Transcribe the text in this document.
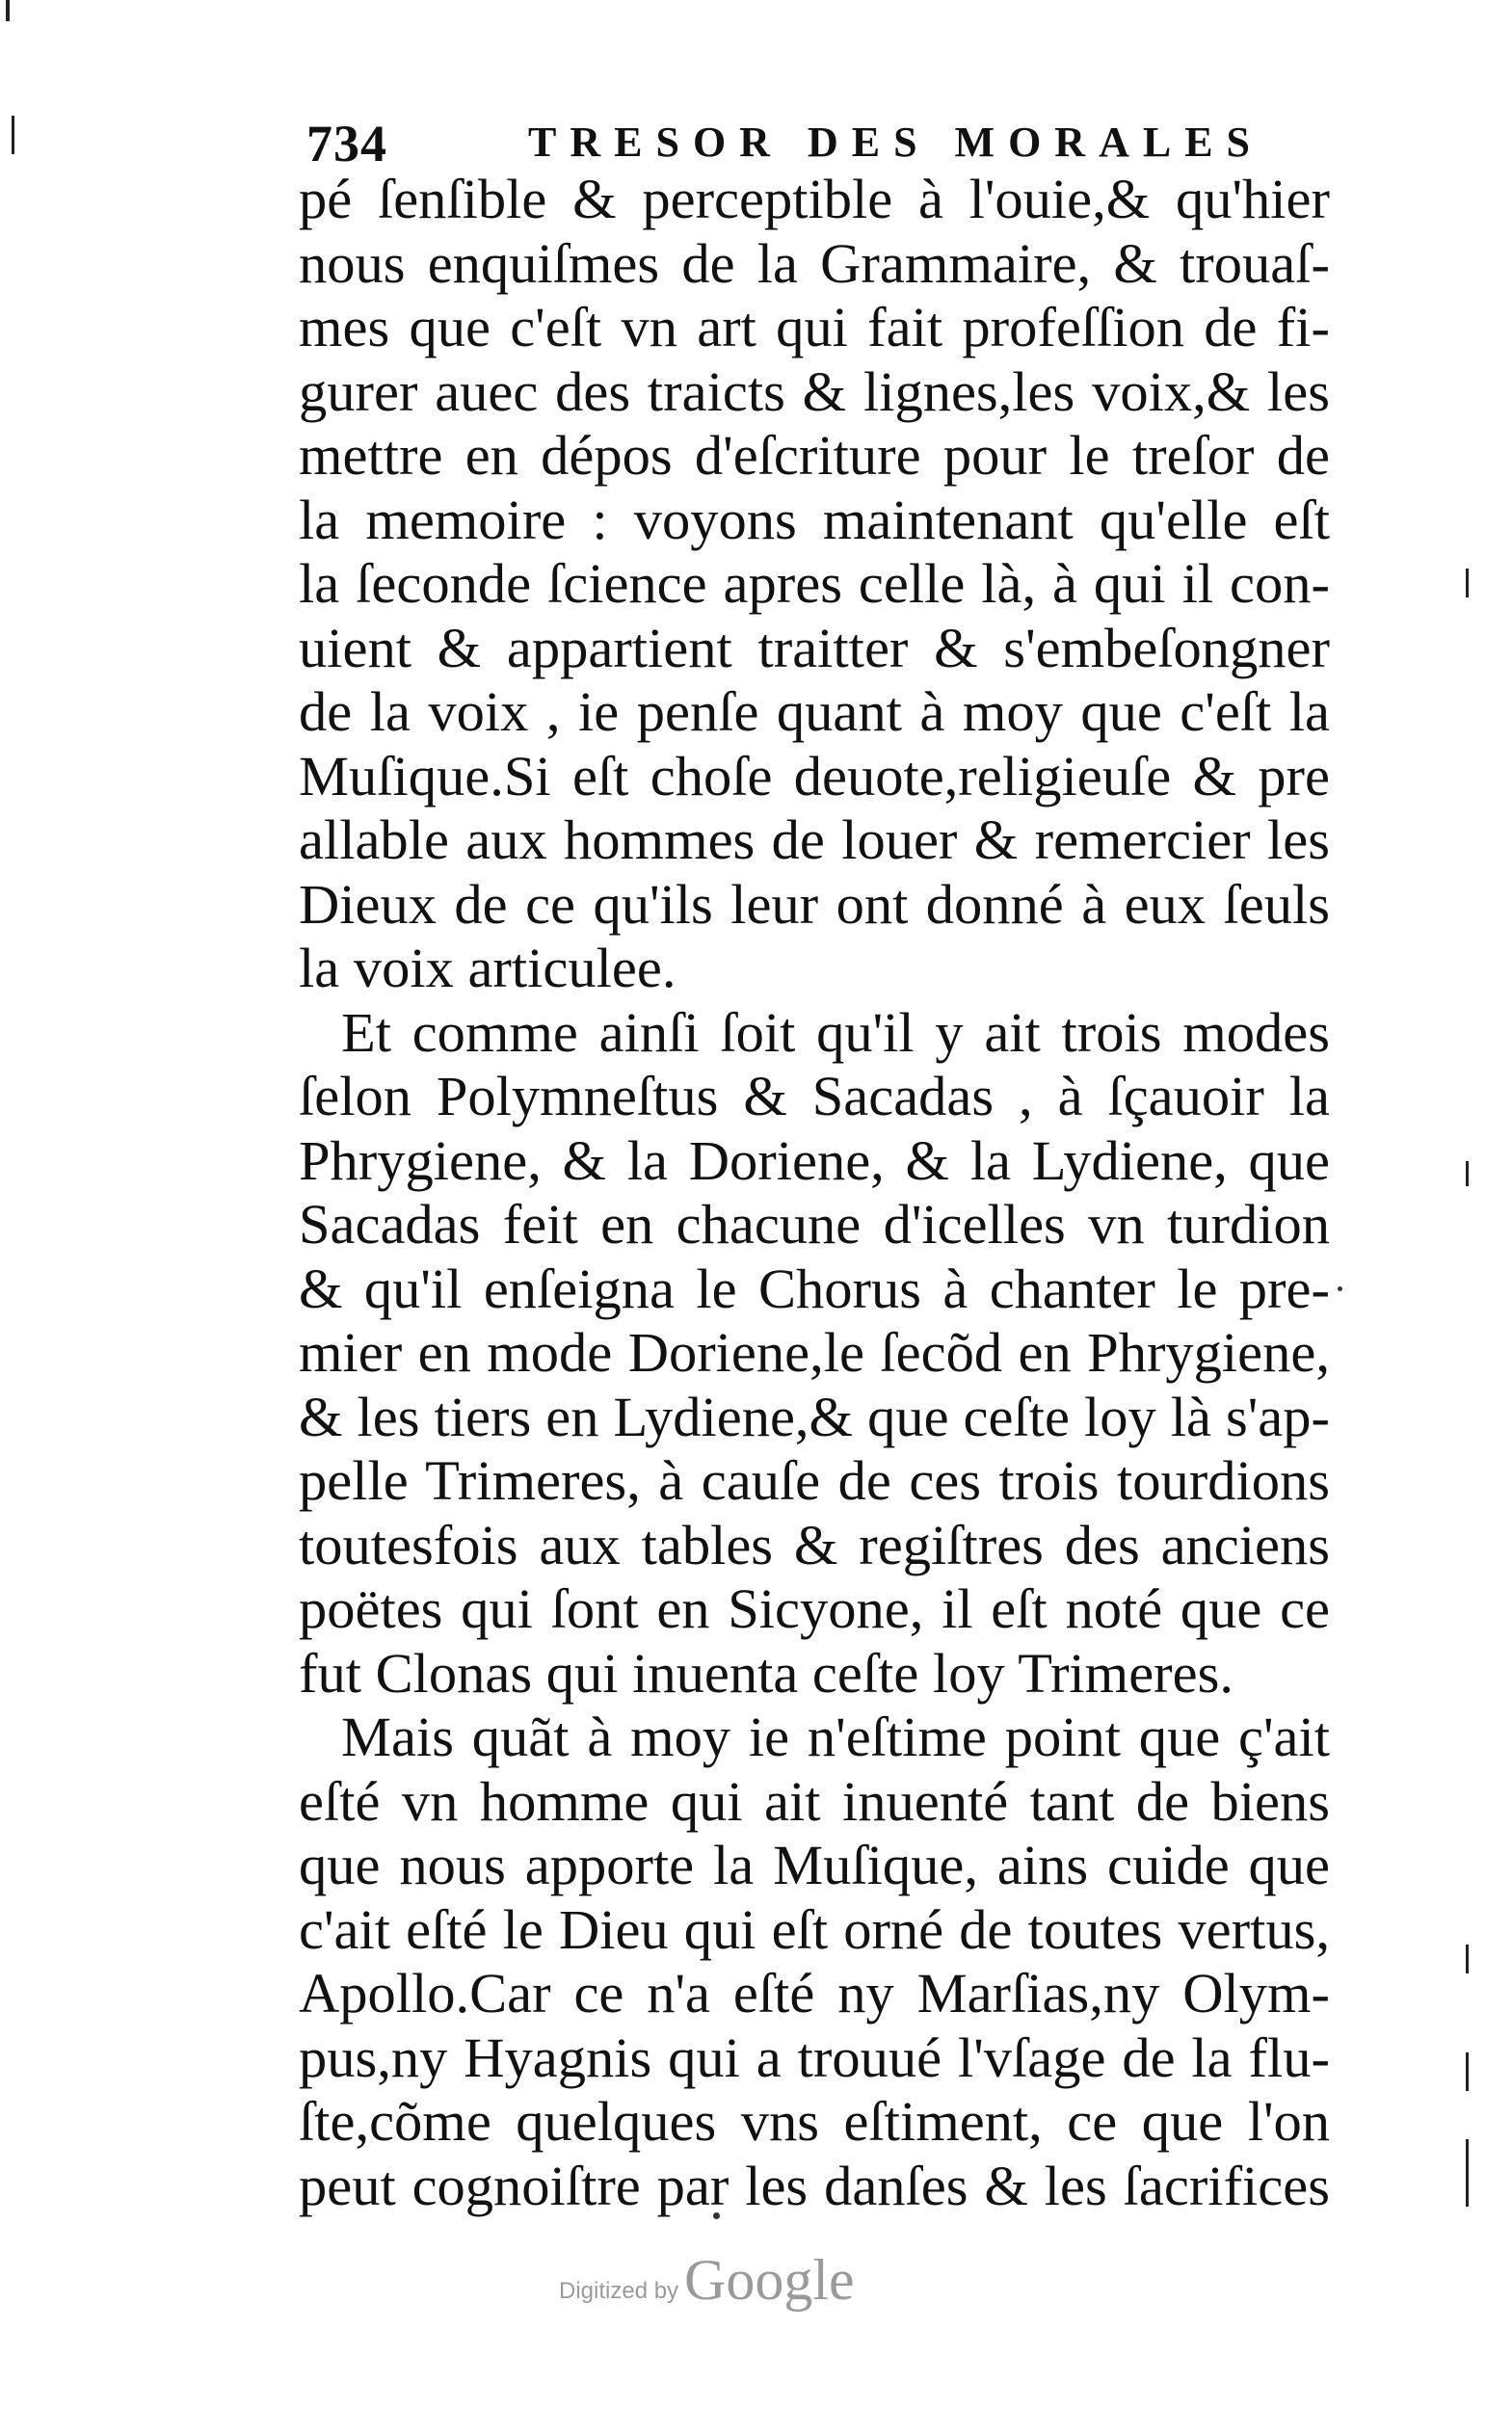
734	TRESOR DES MORALES
pé ſenſible & perceptible à l'ouie,& qu'hier
nous enquiſmes de la Grammaire, & trouaſ-
mes que c'eſt vn art qui fait profeſſion de fi-
gurer auec des traicts & lignes,les voix,& les
mettre en dépos d'eſcriture pour le treſor de
la memoire : voyons maintenant qu'elle eſt
la ſeconde ſcience apres celle là, à qui il con-
uient & appartient traitter & s'embeſongner
de la voix , ie penſe quant à moy que c'eſt la
Muſique.Si eſt choſe deuote,religieuſe & pre
allable aux hommes de louer & remercier les
Dieux de ce qu'ils leur ont donné à eux ſeuls
la voix articulee.
Et comme ainſi ſoit qu'il y ait trois modes
ſelon Polymneſtus & Sacadas , à ſçauoir la
Phrygiene, & la Doriene, & la Lydiene, que
Sacadas feit en chacune d'icelles vn turdion
& qu'il enſeigna le Chorus à chanter le pre-
mier en mode Doriene,le ſecõd en Phrygiene,
& les tiers en Lydiene,& que ceſte loy là s'ap-
pelle Trimeres, à cauſe de ces trois tourdions
toutesfois aux tables & regiſtres des anciens
poëtes qui ſont en Sicyone, il eſt noté que ce
fut Clonas qui inuenta ceſte loy Trimeres.
Mais quãt à moy ie n'eſtime point que ç'ait
eſté vn homme qui ait inuenté tant de biens
que nous apporte la Muſique, ains cuide que
c'ait eſté le Dieu qui eſt orné de toutes vertus,
Apollo.Car ce n'a eſté ny Marſias,ny Olym-
pus,ny Hyagnis qui a trouué l'vſage de la flu-
ſte,cõme quelques vns eſtiment, ce que l'on
peut cognoiſtre par les danſes & les ſacrifices
Digitized by Google
